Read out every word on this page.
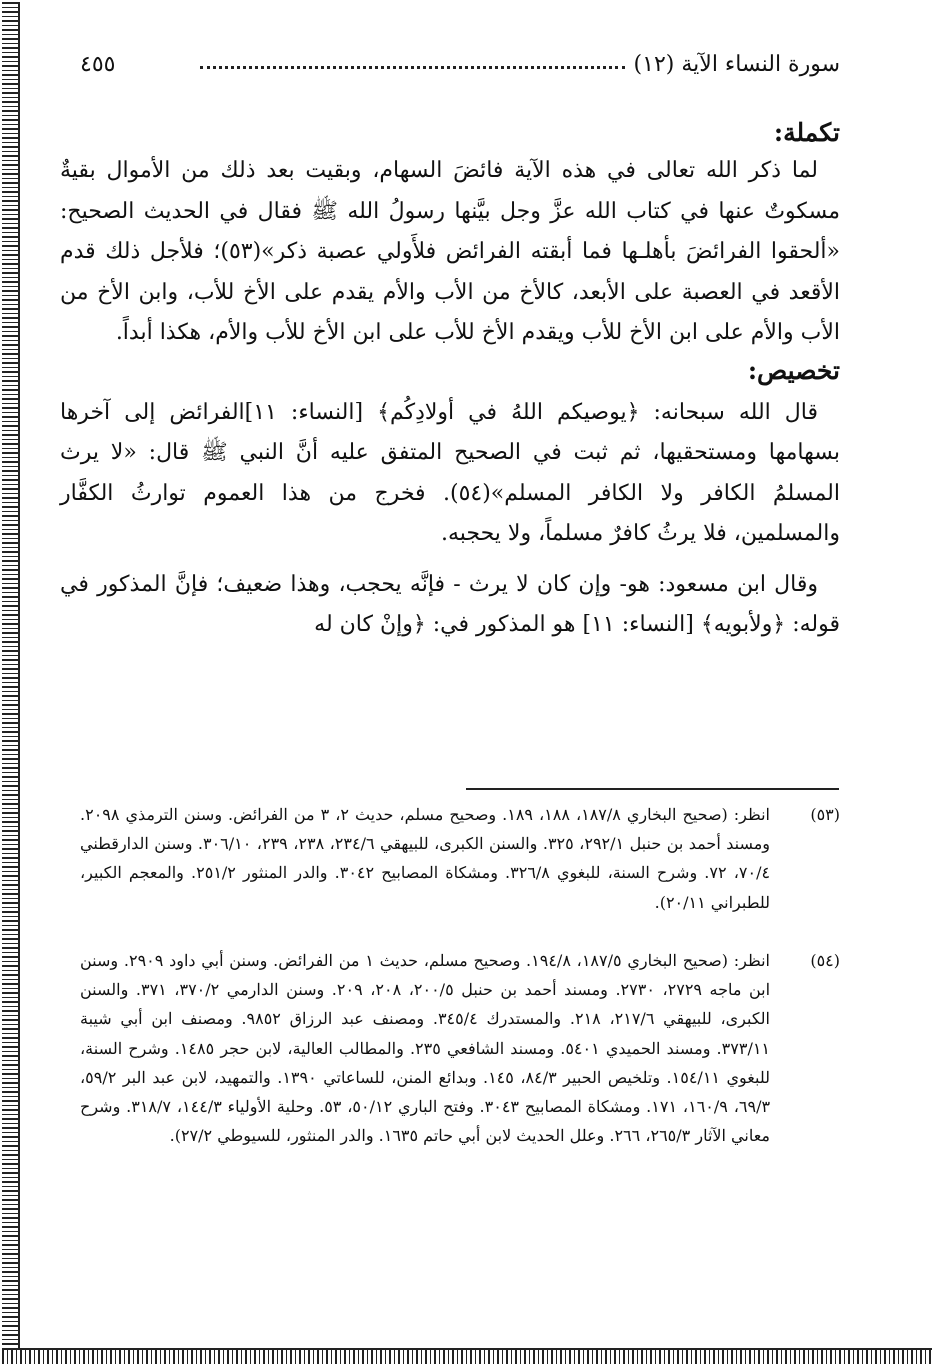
سورة النساء الآية (١٢)
٤٥٥

تكملة:

لما ذكر الله تعالى في هذه الآية فائضَ السهام، وبقيت بعد ذلك من الأموال بقيةٌ مسكوتٌ عنها في كتاب الله عزَّ وجل بيَّنها رسولُ الله ﷺ فقال في الحديث الصحيح: «ألحقوا الفرائضَ بأهلـها فما أبقته الفرائض فلأَولي عصبة ذكر»(٥٣)؛ فلأجل ذلك قدم الأقعد في العصبة على الأبعد، كالأخ من الأب والأم يقدم على الأخ للأب، وابن الأخ من الأب والأم على ابن الأخ للأب ويقدم الأخ للأب على ابن الأخ للأب والأم، هكذا أبداً.

تخصيص:

قال الله سبحانه: ﴿يوصيكم اللهُ في أولادِكُم﴾ [النساء: ١١]الفرائض إلى آخرها بسهامها ومستحقيها، ثم ثبت في الصحيح المتفق عليه أنَّ النبي ﷺ قال: «لا يرث المسلمُ الكافر ولا الكافر المسلم»(٥٤). فخرج من هذا العموم توارثُ الكفَّار والمسلمين، فلا يرثُ كافرٌ مسلماً، ولا يحجبه.

وقال ابن مسعود: هو- وإن كان لا يرث - فإنَّه يحجب، وهذا ضعيف؛ فإنَّ المذكور في قوله: ﴿ولأبويه﴾ [النساء: ١١] هو المذكور في: ﴿وإنْ كان له

(٥٣)
انظر: (صحيح البخاري ١٨٧/٨، ١٨٨، ١٨٩. وصحيح مسلم، حديث ٢، ٣ من الفرائض. وسنن الترمذي ٢٠٩٨. ومسند أحمد بن حنبل ٢٩٢/١، ٣٢٥. والسنن الكبرى، للبيهقي ٢٣٤/٦، ٢٣٨، ٢٣٩، ٣٠٦/١٠. وسنن الدارقطني ٧٠/٤، ٧٢. وشرح السنة، للبغوي ٣٢٦/٨. ومشكاة المصابيح ٣٠٤٢. والدر المنثور ٢٥١/٢. والمعجم الكبير، للطبراني ٢٠/١١).
(٥٤)
انظر: (صحيح البخاري ١٨٧/٥، ١٩٤/٨. وصحيح مسلم، حديث ١ من الفرائض. وسنن أبي داود ٢٩٠٩. وسنن ابن ماجه ٢٧٢٩، ٢٧٣٠. ومسند أحمد بن حنبل ٢٠٠/٥، ٢٠٨، ٢٠٩. وسنن الدارمي ٣٧٠/٢، ٣٧١. والسنن الكبرى، للبيهقي ٢١٧/٦، ٢١٨. والمستدرك ٣٤٥/٤. ومصنف عبد الرزاق ٩٨٥٢. ومصنف ابن أبي شيبة ٣٧٣/١١. ومسند الحميدي ٥٤٠١. ومسند الشافعي ٢٣٥. والمطالب العالية، لابن حجر ١٤٨٥. وشرح السنة، للبغوي ١٥٤/١١. وتلخيص الحبير ٨٤/٣، ١٤٥. وبدائع المنن، للساعاتي ١٣٩٠. والتمهيد، لابن عبد البر ٥٩/٢، ٦٩/٣، ١٦٠/٩، ١٧١. ومشكاة المصابيح ٣٠٤٣. وفتح الباري ٥٠/١٢، ٥٣. وحلية الأولياء ١٤٤/٣، ٣١٨/٧. وشرح معاني الآثار ٢٦٥/٣، ٢٦٦. وعلل الحديث لابن أبي حاتم ١٦٣٥. والدر المنثور، للسيوطي ٢٧/٢).
